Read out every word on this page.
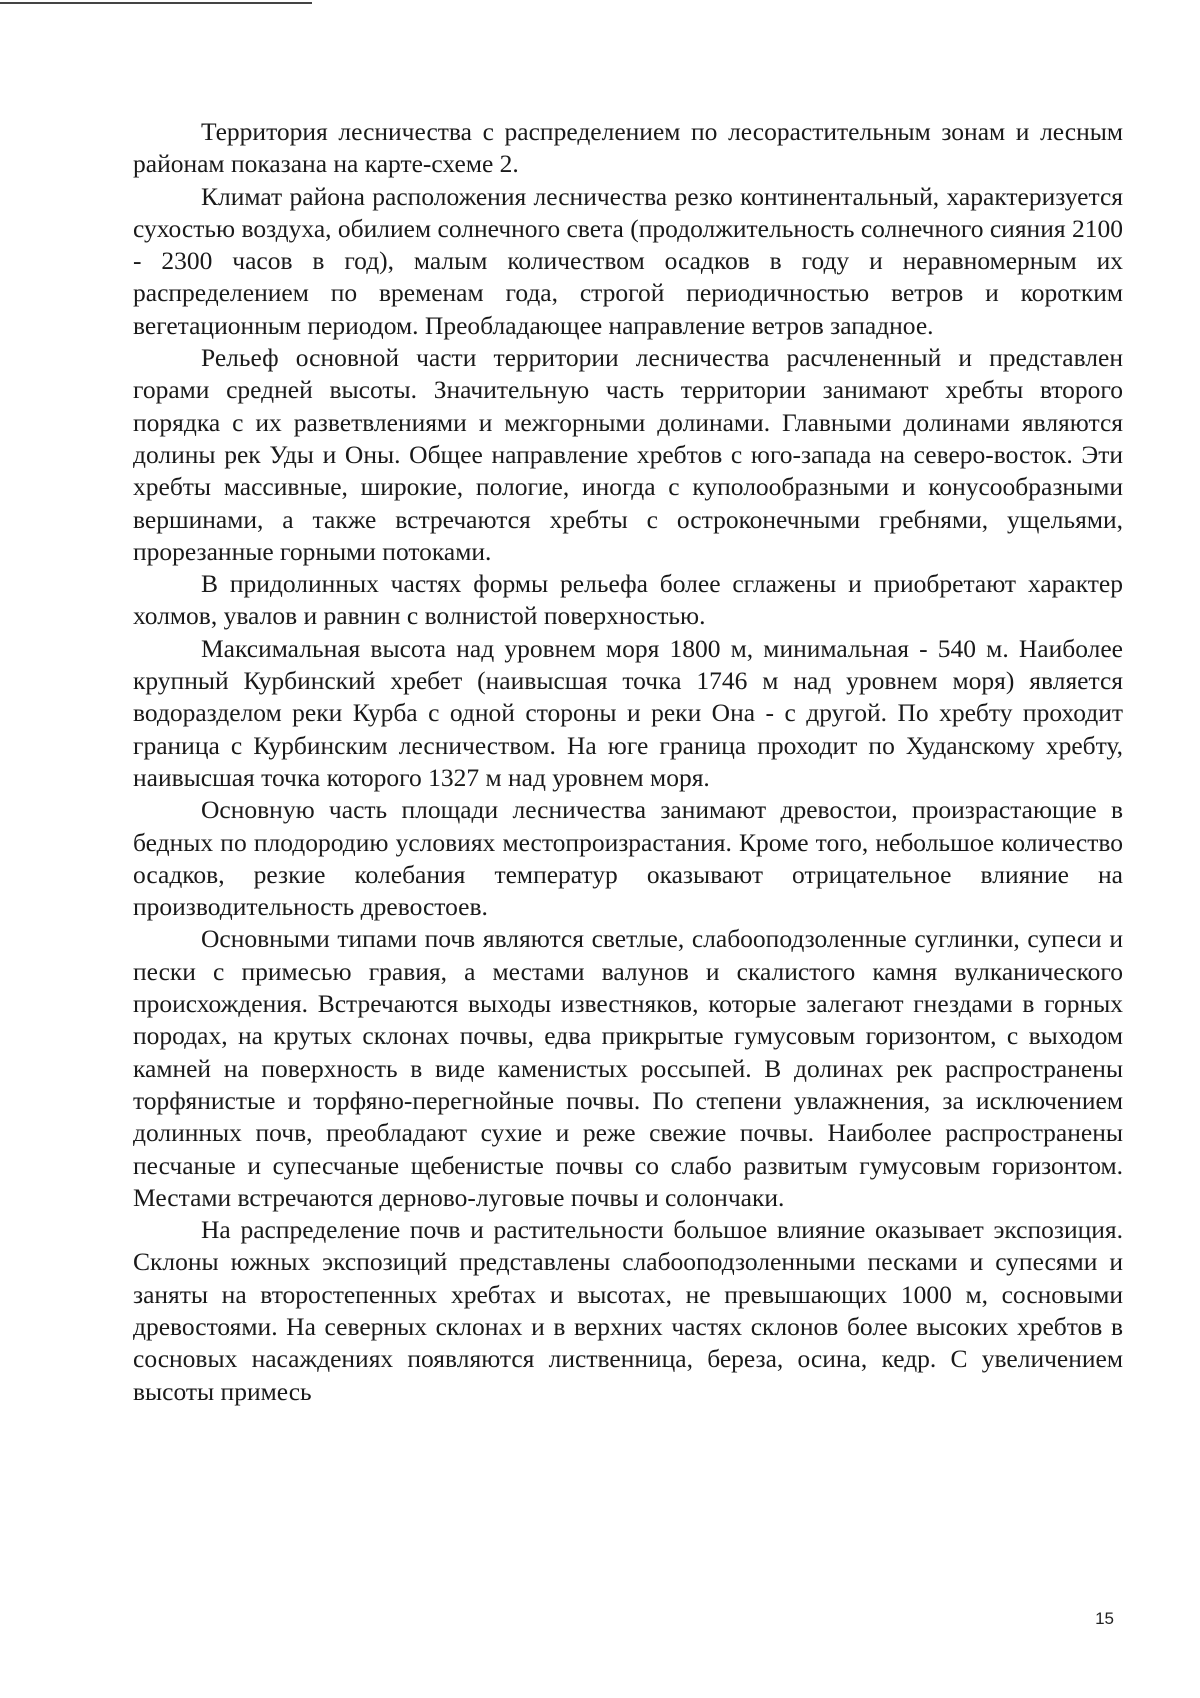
Территория лесничества с распределением по лесорастительным зонам и лесным районам показана на карте-схеме 2.

Климат района расположения лесничества резко континентальный, характеризуется сухостью воздуха, обилием солнечного света (продолжительность солнечного сияния 2100 - 2300 часов в год), малым количеством осадков в году и неравномерным их распределением по временам года, строгой периодичностью ветров и коротким вегетационным периодом. Преобладающее направление ветров западное.

Рельеф основной части территории лесничества расчлененный и представлен горами средней высоты. Значительную часть территории занимают хребты второго порядка с их разветвлениями и межгорными долинами. Главными долинами являются долины рек Уды и Оны. Общее направление хребтов с юго-запада на северо-восток. Эти хребты массивные, широкие, пологие, иногда с куполообразными и конусообразными вершинами, а также встречаются хребты с остроконечными гребнями, ущельями, прорезанные горными потоками.

В придолинных частях формы рельефа более сглажены и приобретают характер холмов, увалов и равнин с волнистой поверхностью.

Максимальная высота над уровнем моря 1800 м, минимальная - 540 м. Наиболее крупный Курбинский хребет (наивысшая точка 1746 м над уровнем моря) является водоразделом реки Курба с одной стороны и реки Она - с другой. По хребту проходит граница с Курбинским лесничеством. На юге граница проходит по Худанскому хребту, наивысшая точка которого 1327 м над уровнем моря.

Основную часть площади лесничества занимают древостои, произрастающие в бедных по плодородию условиях местопроизрастания. Кроме того, небольшое количество осадков, резкие колебания температур оказывают отрицательное влияние на производительность древостоев.

Основными типами почв являются светлые, слабооподзоленные суглинки, супеси и пески с примесью гравия, а местами валунов и скалистого камня вулканического происхождения. Встречаются выходы известняков, которые залегают гнездами в горных породах, на крутых склонах почвы, едва прикрытые гумусовым горизонтом, с выходом камней на поверхность в виде каменистых россыпей. В долинах рек распространены торфянистые и торфяно-перегнойные почвы. По степени увлажнения, за исключением долинных почв, преобладают сухие и реже свежие почвы. Наиболее распространены песчаные и супесчаные щебенистые почвы со слабо развитым гумусовым горизонтом. Местами встречаются дерново-луговые почвы и солончаки.

На распределение почв и растительности большое влияние оказывает экспозиция. Склоны южных экспозиций представлены слабооподзоленными песками и супесями и заняты на второстепенных хребтах и высотах, не превышающих 1000 м, сосновыми древостоями. На северных склонах и в верхних частях склонов более высоких хребтов в сосновых насаждениях появляются лиственница, береза, осина, кедр. С увеличением высоты примесь

15
